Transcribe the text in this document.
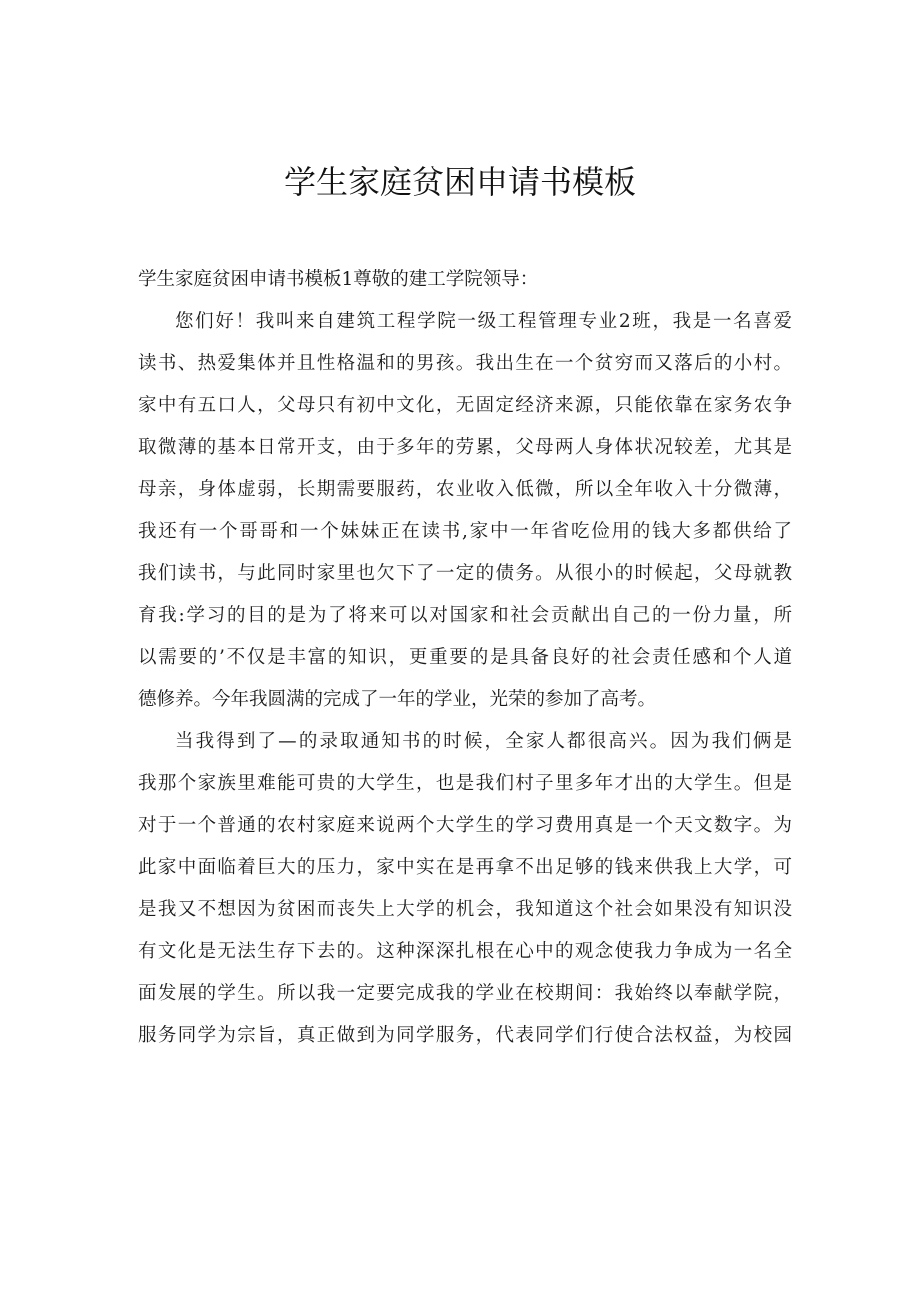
学生家庭贫困申请书模板
学生家庭贫困申请书模板1尊敬的建工学院领导：
您们好！我叫来自建筑工程学院一级工程管理专业2班，我是一名喜爱
读书、热爱集体并且性格温和的男孩。我出生在一个贫穷而又落后的小村。
家中有五口人，父母只有初中文化，无固定经济来源，只能依靠在家务农争
取微薄的基本日常开支，由于多年的劳累，父母两人身体状况较差，尤其是
母亲，身体虚弱，长期需要服药，农业收入低微，所以全年收入十分微薄，
我还有一个哥哥和一个妹妹正在读书,家中一年省吃俭用的钱大多都供给了
我们读书，与此同时家里也欠下了一定的债务。从很小的时候起，父母就教
育我:学习的目的是为了将来可以对国家和社会贡献出自己的一份力量，所
以需要的’不仅是丰富的知识，更重要的是具备良好的社会责任感和个人道
德修养。今年我圆满的完成了一年的学业，光荣的参加了高考。
当我得到了—的录取通知书的时候，全家人都很高兴。因为我们俩是
我那个家族里难能可贵的大学生，也是我们村子里多年才出的大学生。但是
对于一个普通的农村家庭来说两个大学生的学习费用真是一个天文数字。为
此家中面临着巨大的压力，家中实在是再拿不出足够的钱来供我上大学，可
是我又不想因为贫困而丧失上大学的机会，我知道这个社会如果没有知识没
有文化是无法生存下去的。这种深深扎根在心中的观念使我力争成为一名全
面发展的学生。所以我一定要完成我的学业在校期间：我始终以奉献学院，
服务同学为宗旨，真正做到为同学服务，代表同学们行使合法权益，为校园
